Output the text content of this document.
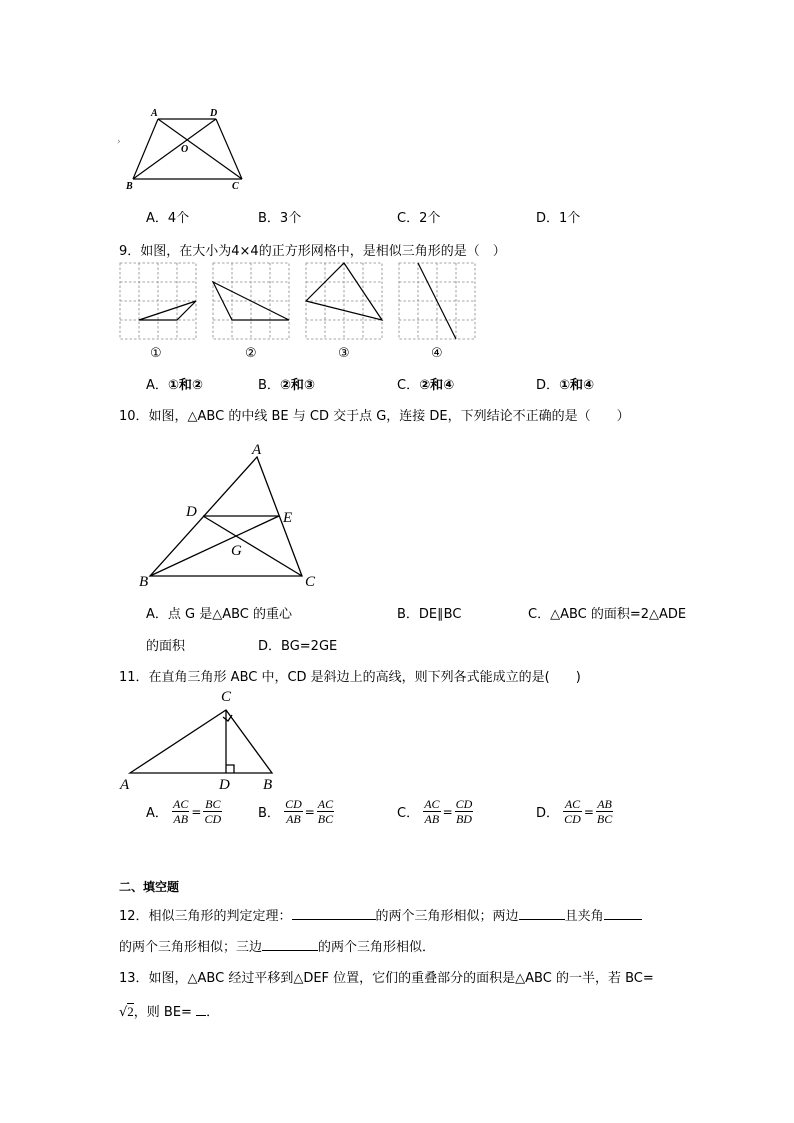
›
A	D
O
B	C
A．4个	B．3个	C．2个	D．1个
9．如图，在大小为4×4的正方形网格中，是相似三角形的是（　）
①	②	③	④
A．①和②	B．②和③	C．②和④	D．①和④
10．如图，△ABC 的中线 BE 与 CD 交于点 G，连接 DE，下列结论不正确的是（　　）
A
D	E
G
B	C
A．点 G 是△ABC 的重心	B．DE∥BC	C．△ABC 的面积=2△ADE
的面积	D．BG=2GE
11．在直角三角形 ABC 中，CD 是斜边上的高线，则下列各式能成立的是(　　)
C
A	D B
A． $\frac{AC}{AB} = \frac{BC}{CD}$	B． $\frac{CD}{AB} = \frac{AC}{BC}$	C． $\frac{AC}{AB} = \frac{CD}{BD}$	D． $\frac{AC}{CD} = \frac{AB}{BC}$
二、填空题
12．相似三角形的判定定理：	的两个三角形相似；两边	且夹角
的两个三角形相似；三边	的两个三角形相似．
13．如图，△ABC 经过平移到△DEF 位置，它们的重叠部分的面积是△ABC 的一半，若 BC=
√2，则 BE= ．
